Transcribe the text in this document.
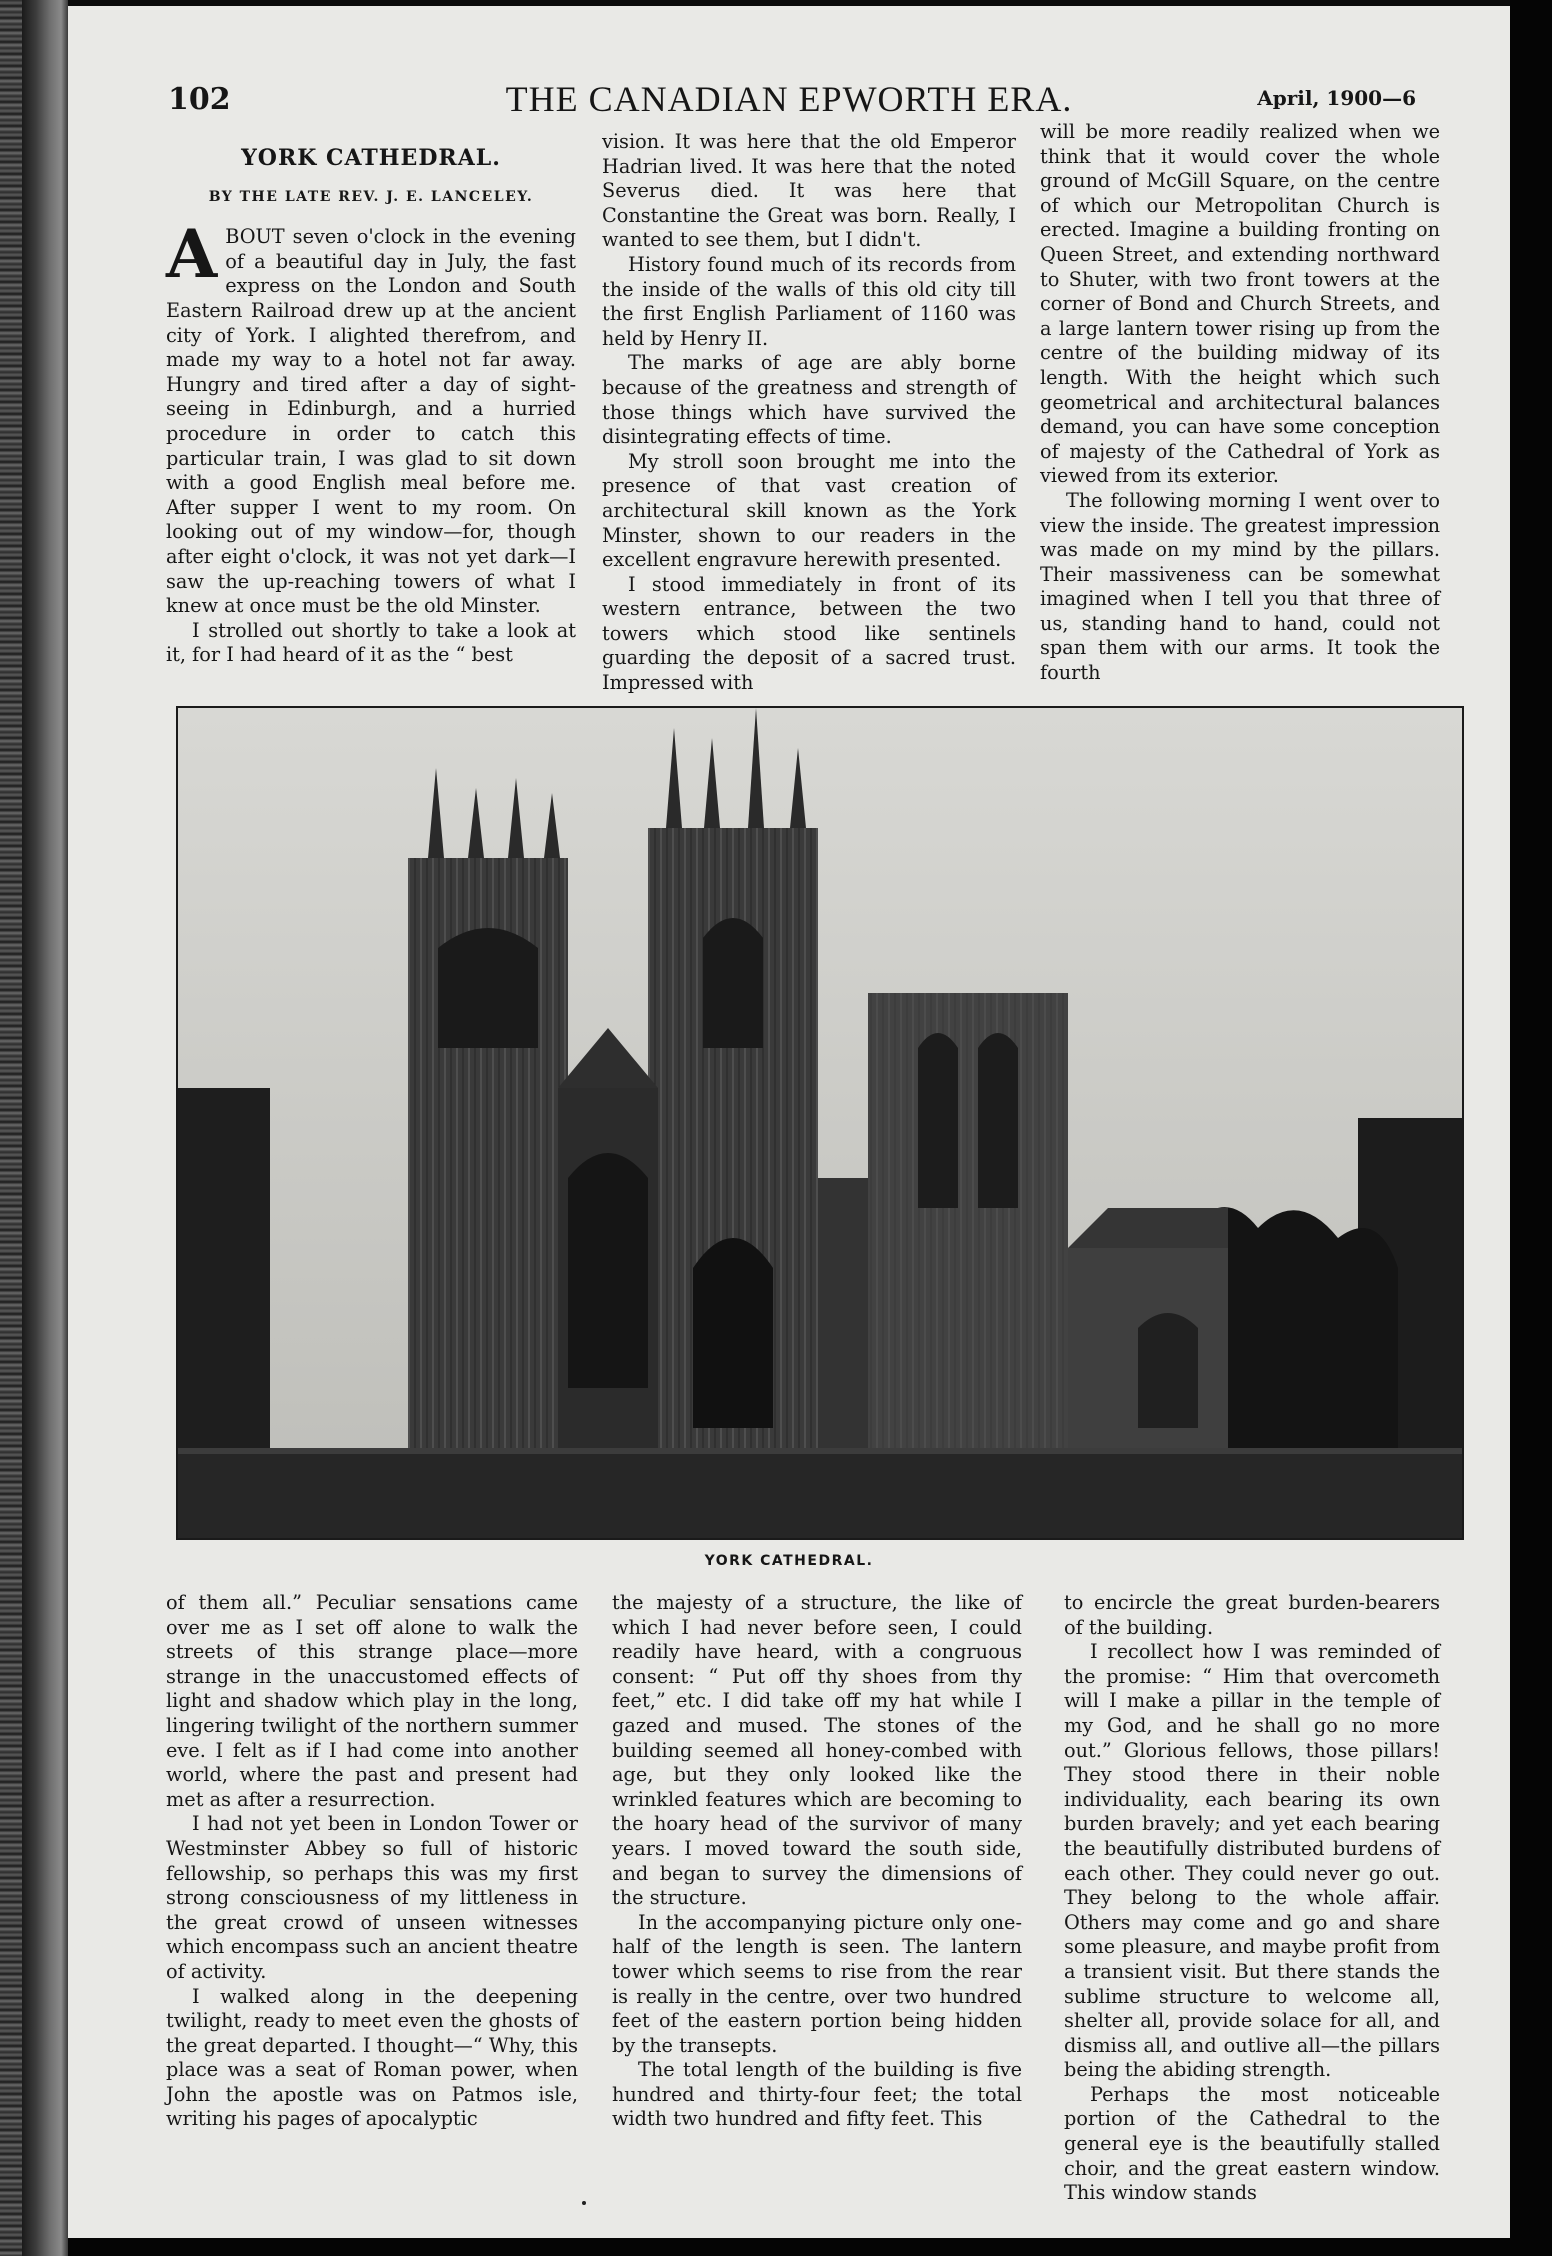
102	THE CANADIAN EPWORTH ERA.	April, 1900—6
YORK CATHEDRAL.
BY THE LATE REV. J. E. LANCELEY.

ABOUT seven o'clock in the evening of a beautiful day in July, the fast express on the London and South Eastern Railroad drew up at the ancient city of York. I alighted therefrom, and made my way to a hotel not far away. Hungry and tired after a day of sight-seeing in Edinburgh, and a hurried procedure in order to catch this particular train, I was glad to sit down with a good English meal before me. After supper I went to my room. On looking out of my window—for, though after eight o'clock, it was not yet dark—I saw the up-reaching towers of what I knew at once must be the old Minster.

I strolled out shortly to take a look at it, for I had heard of it as the “ best

vision. It was here that the old Emperor Hadrian lived. It was here that the noted Severus died. It was here that Constantine the Great was born. Really, I wanted to see them, but I didn't.

History found much of its records from the inside of the walls of this old city till the first English Parliament of 1160 was held by Henry II.

The marks of age are ably borne because of the greatness and strength of those things which have survived the disintegrating effects of time.

My stroll soon brought me into the presence of that vast creation of architectural skill known as the York Minster, shown to our readers in the excellent engravure herewith presented.

I stood immediately in front of its western entrance, between the two towers which stood like sentinels guarding the deposit of a sacred trust. Impressed with

will be more readily realized when we think that it would cover the whole ground of McGill Square, on the centre of which our Metropolitan Church is erected. Imagine a building fronting on Queen Street, and extending northward to Shuter, with two front towers at the corner of Bond and Church Streets, and a large lantern tower rising up from the centre of the building midway of its length. With the height which such geometrical and architectural balances demand, you can have some conception of majesty of the Cathedral of York as viewed from its exterior.

The following morning I went over to view the inside. The greatest impression was made on my mind by the pillars. Their massiveness can be somewhat imagined when I tell you that three of us, standing hand to hand, could not span them with our arms. It took the fourth

YORK CATHEDRAL.

of them all.” Peculiar sensations came over me as I set off alone to walk the streets of this strange place—more strange in the unaccustomed effects of light and shadow which play in the long, lingering twilight of the northern summer eve. I felt as if I had come into another world, where the past and present had met as after a resurrection.

I had not yet been in London Tower or Westminster Abbey so full of historic fellowship, so perhaps this was my first strong consciousness of my littleness in the great crowd of unseen witnesses which encompass such an ancient theatre of activity.

I walked along in the deepening twilight, ready to meet even the ghosts of the great departed. I thought—“ Why, this place was a seat of Roman power, when John the apostle was on Patmos isle, writing his pages of apocalyptic

the majesty of a structure, the like of which I had never before seen, I could readily have heard, with a congruous consent: “ Put off thy shoes from thy feet,” etc. I did take off my hat while I gazed and mused. The stones of the building seemed all honey-combed with age, but they only looked like the wrinkled features which are becoming to the hoary head of the survivor of many years. I moved toward the south side, and began to survey the dimensions of the structure.

In the accompanying picture only one-half of the length is seen. The lantern tower which seems to rise from the rear is really in the centre, over two hundred feet of the eastern portion being hidden by the transepts.

The total length of the building is five hundred and thirty-four feet; the total width two hundred and fifty feet. This

to encircle the great burden-bearers of the building.

I recollect how I was reminded of the promise: “ Him that overcometh will I make a pillar in the temple of my God, and he shall go no more out.” Glorious fellows, those pillars! They stood there in their noble individuality, each bearing its own burden bravely; and yet each bearing the beautifully distributed burdens of each other. They could never go out. They belong to the whole affair. Others may come and go and share some pleasure, and maybe profit from a transient visit. But there stands the sublime structure to welcome all, shelter all, provide solace for all, and dismiss all, and outlive all—the pillars being the abiding strength.

Perhaps the most noticeable portion of the Cathedral to the general eye is the beautifully stalled choir, and the great eastern window. This window stands
